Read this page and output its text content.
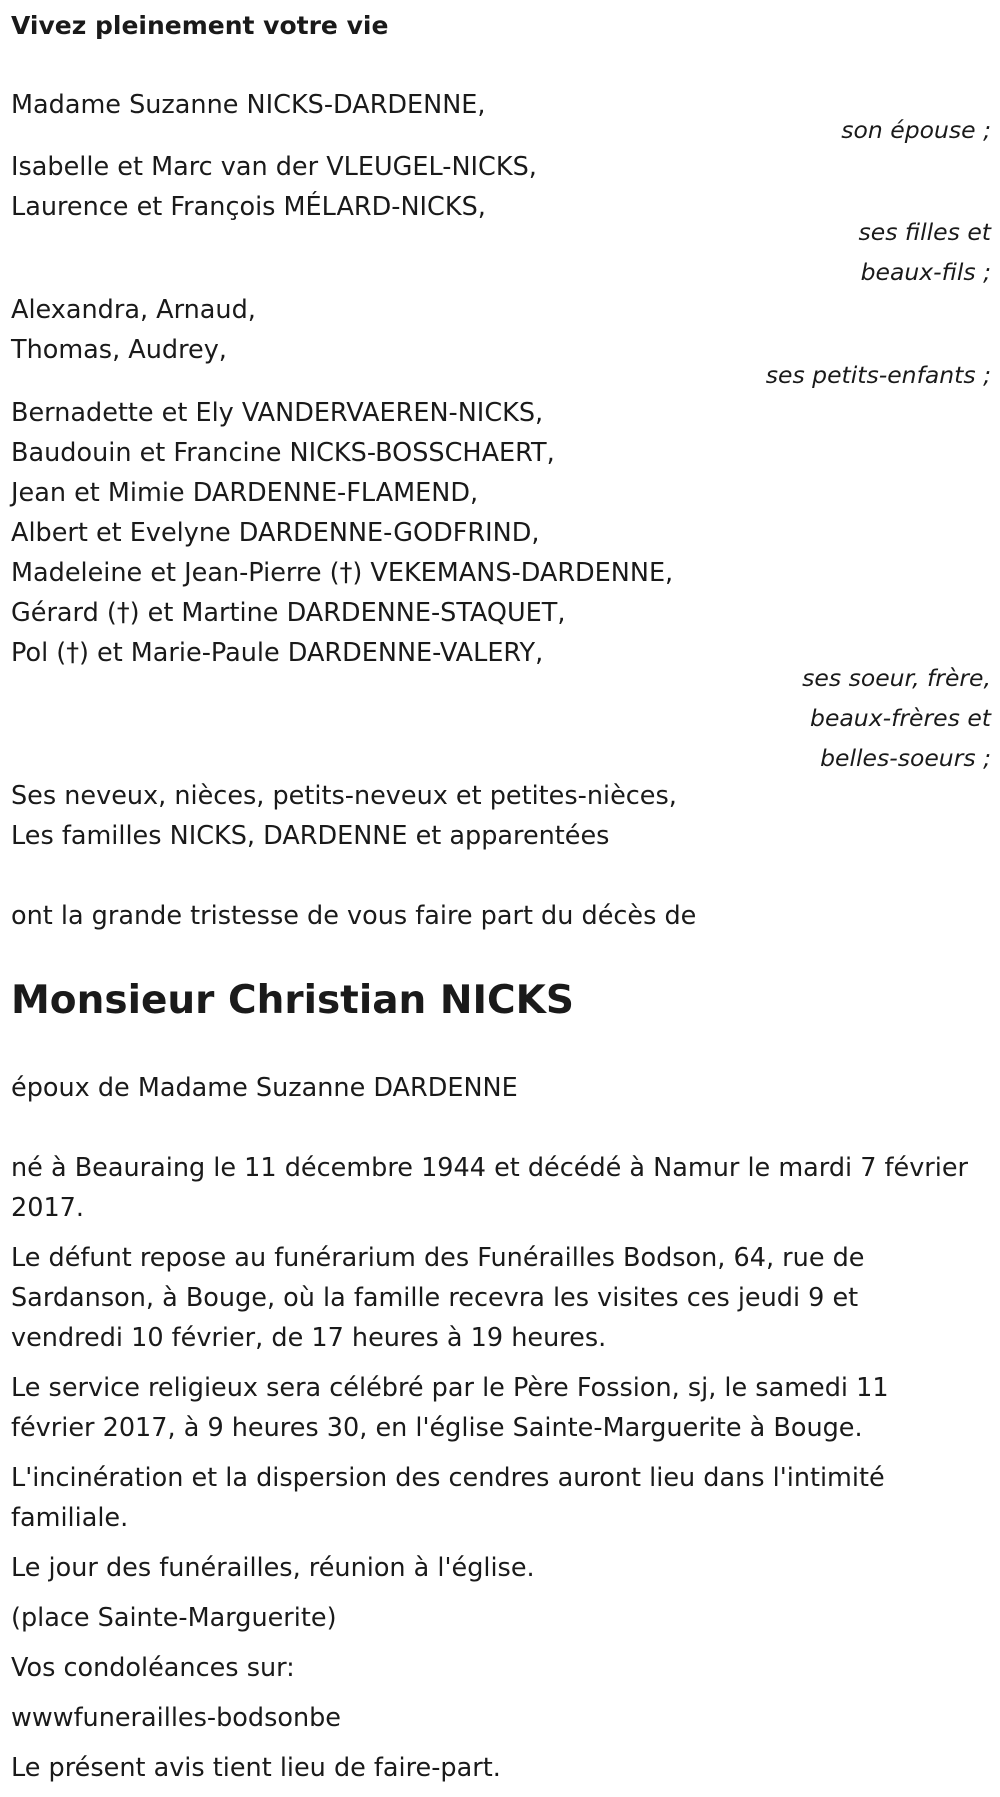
Vivez pleinement votre vie
Madame Suzanne NICKS-DARDENNE,
son épouse ;
Isabelle et Marc van der VLEUGEL-NICKS,
Laurence et François MÉLARD-NICKS,
ses filles et
beaux-fils ;
Alexandra, Arnaud,
Thomas, Audrey,
ses petits-enfants ;
Bernadette et Ely VANDERVAEREN-NICKS,
Baudouin et Francine NICKS-BOSSCHAERT,
Jean et Mimie DARDENNE-FLAMEND,
Albert et Evelyne DARDENNE-GODFRIND,
Madeleine et Jean-Pierre (†) VEKEMANS-DARDENNE,
Gérard (†) et Martine DARDENNE-STAQUET,
Pol (†) et Marie-Paule DARDENNE-VALERY,
ses soeur, frère,
beaux-frères et
belles-soeurs ;
Ses neveux, nièces, petits-neveux et petites-nièces,
Les familles NICKS, DARDENNE et apparentées
ont la grande tristesse de vous faire part du décès de
Monsieur Christian NICKS
époux de Madame Suzanne DARDENNE

né à Beauraing le 11 décembre 1944 et décédé à Namur le mardi 7 février 2017.

Le défunt repose au funérarium des Funérailles Bodson, 64, rue de Sardanson, à Bouge, où la famille recevra les visites ces jeudi 9 et vendredi 10 février, de 17 heures à 19 heures.

Le service religieux sera célébré par le Père Fossion, sj, le samedi 11 février 2017, à 9 heures 30, en l'église Sainte-Marguerite à Bouge.

L'incinération et la dispersion des cendres auront lieu dans l'intimité familiale.

Le jour des funérailles, réunion à l'église.

(place Sainte-Marguerite)

Vos condoléances sur:

wwwfunerailles-bodsonbe

Le présent avis tient lieu de faire-part.
